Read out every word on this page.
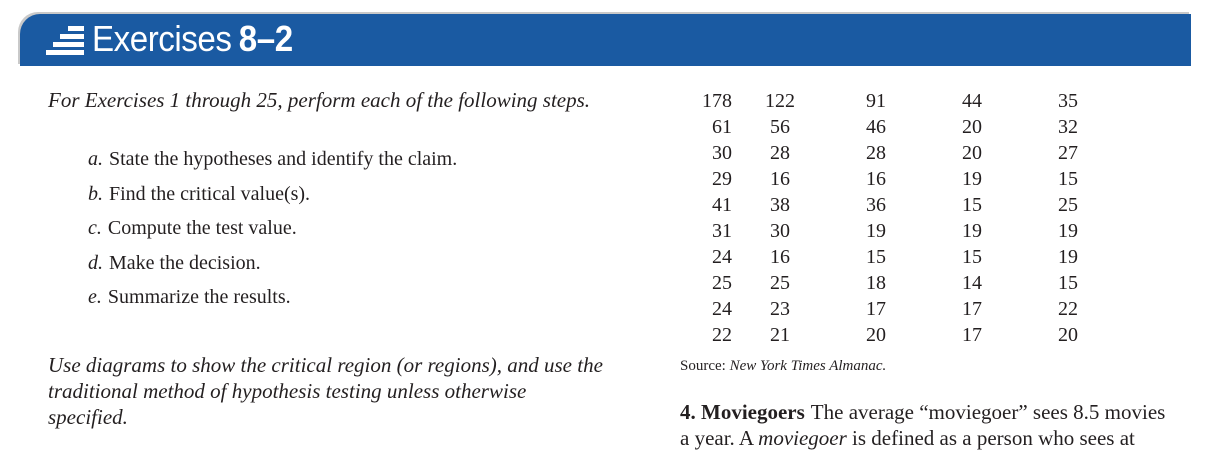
Exercises 8–2

For Exercises 1 through 25, perform each of the following steps.

a. State the hypotheses and identify the claim.
b. Find the critical value(s).
c. Compute the test value.
d. Make the decision.
e. Summarize the results.

Use diagrams to show the critical region (or regions), and use the traditional method of hypothesis testing unless otherwise specified.

178	122	91	44	35
61	56	46	20	32
30	28	28	20	27
29	16	16	19	15
41	38	36	15	25
31	30	19	19	19
24	16	15	15	19
25	25	18	14	15
24	23	17	17	22
22	21	20	17	20
Source: New York Times Almanac.
4. Moviegoers The average “moviegoer” sees 8.5 movies
a year. A moviegoer is defined as a person who sees at
